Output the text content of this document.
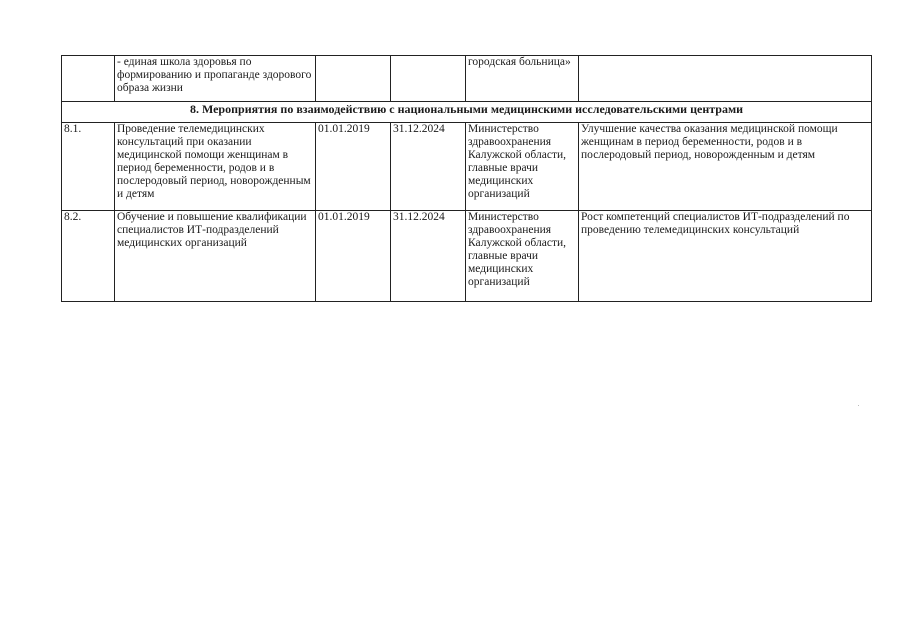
	- единая школа здоровья по формированию и пропаганде здорового образа жизни			городская больница»	
8. Мероприятия по взаимодействию с национальными медицинскими исследовательскими центрами					
8.1.	Проведение телемедицинских консультаций при оказании медицинской помощи женщинам в период беременности, родов и в послеродовый период, новорожденным и детям	01.01.2019	31.12.2024	Министерство здравоохранения Калужской области, главные врачи медицинских организаций	Улучшение качества оказания медицинской помощи женщинам в период беременности, родов и в послеродовый период, новорожденным и детям
8.2.	Обучение и повышение квалификации специалистов ИТ-подразделений медицинских организаций	01.01.2019	31.12.2024	Министерство здравоохранения Калужской области, главные врачи медицинских организаций	Рост компетенций специалистов ИТ-подразделений по проведению телемедицинских консультаций
